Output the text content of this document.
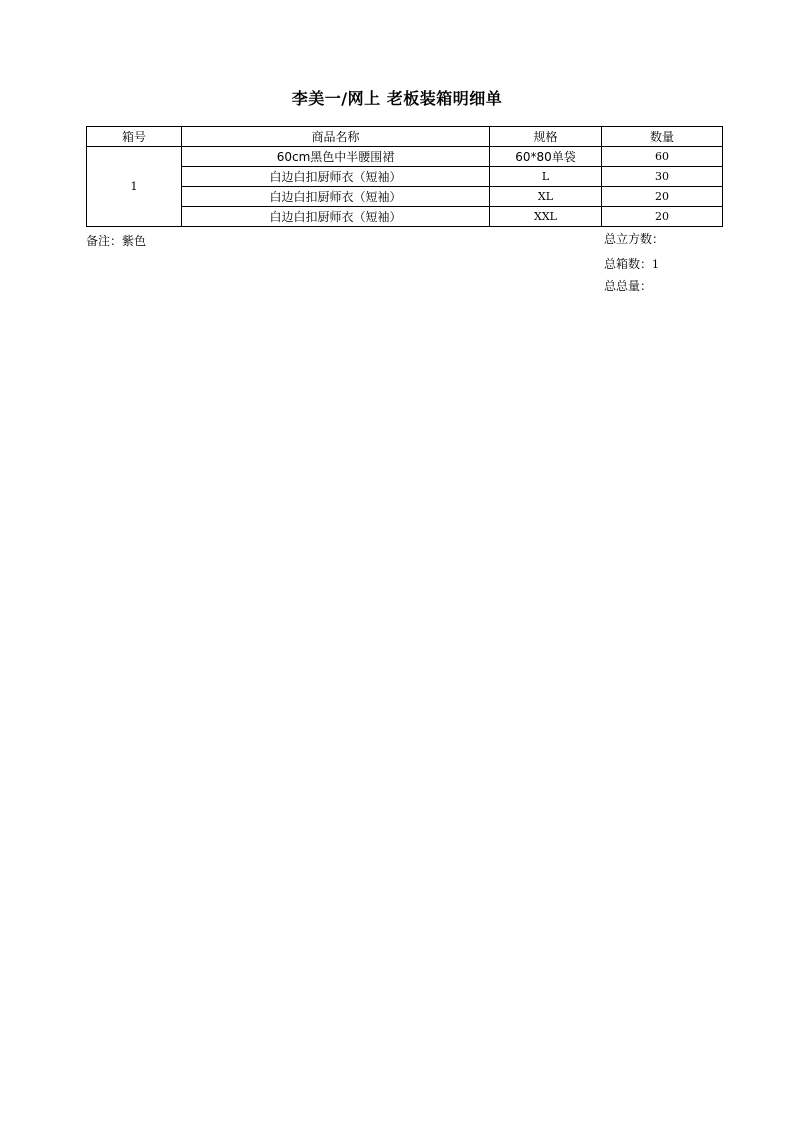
李美一/网上 老板装箱明细单
箱号	商品名称	规格	数量
1	60cm黑色中半腰围裙	60*80单袋	60
	白边白扣厨师衣（短袖）	L	30
	白边白扣厨师衣（短袖）	XL	20
	白边白扣厨师衣（短袖）	XXL	20
备注：紫色	总立方数：
总箱数：1
总总量：
